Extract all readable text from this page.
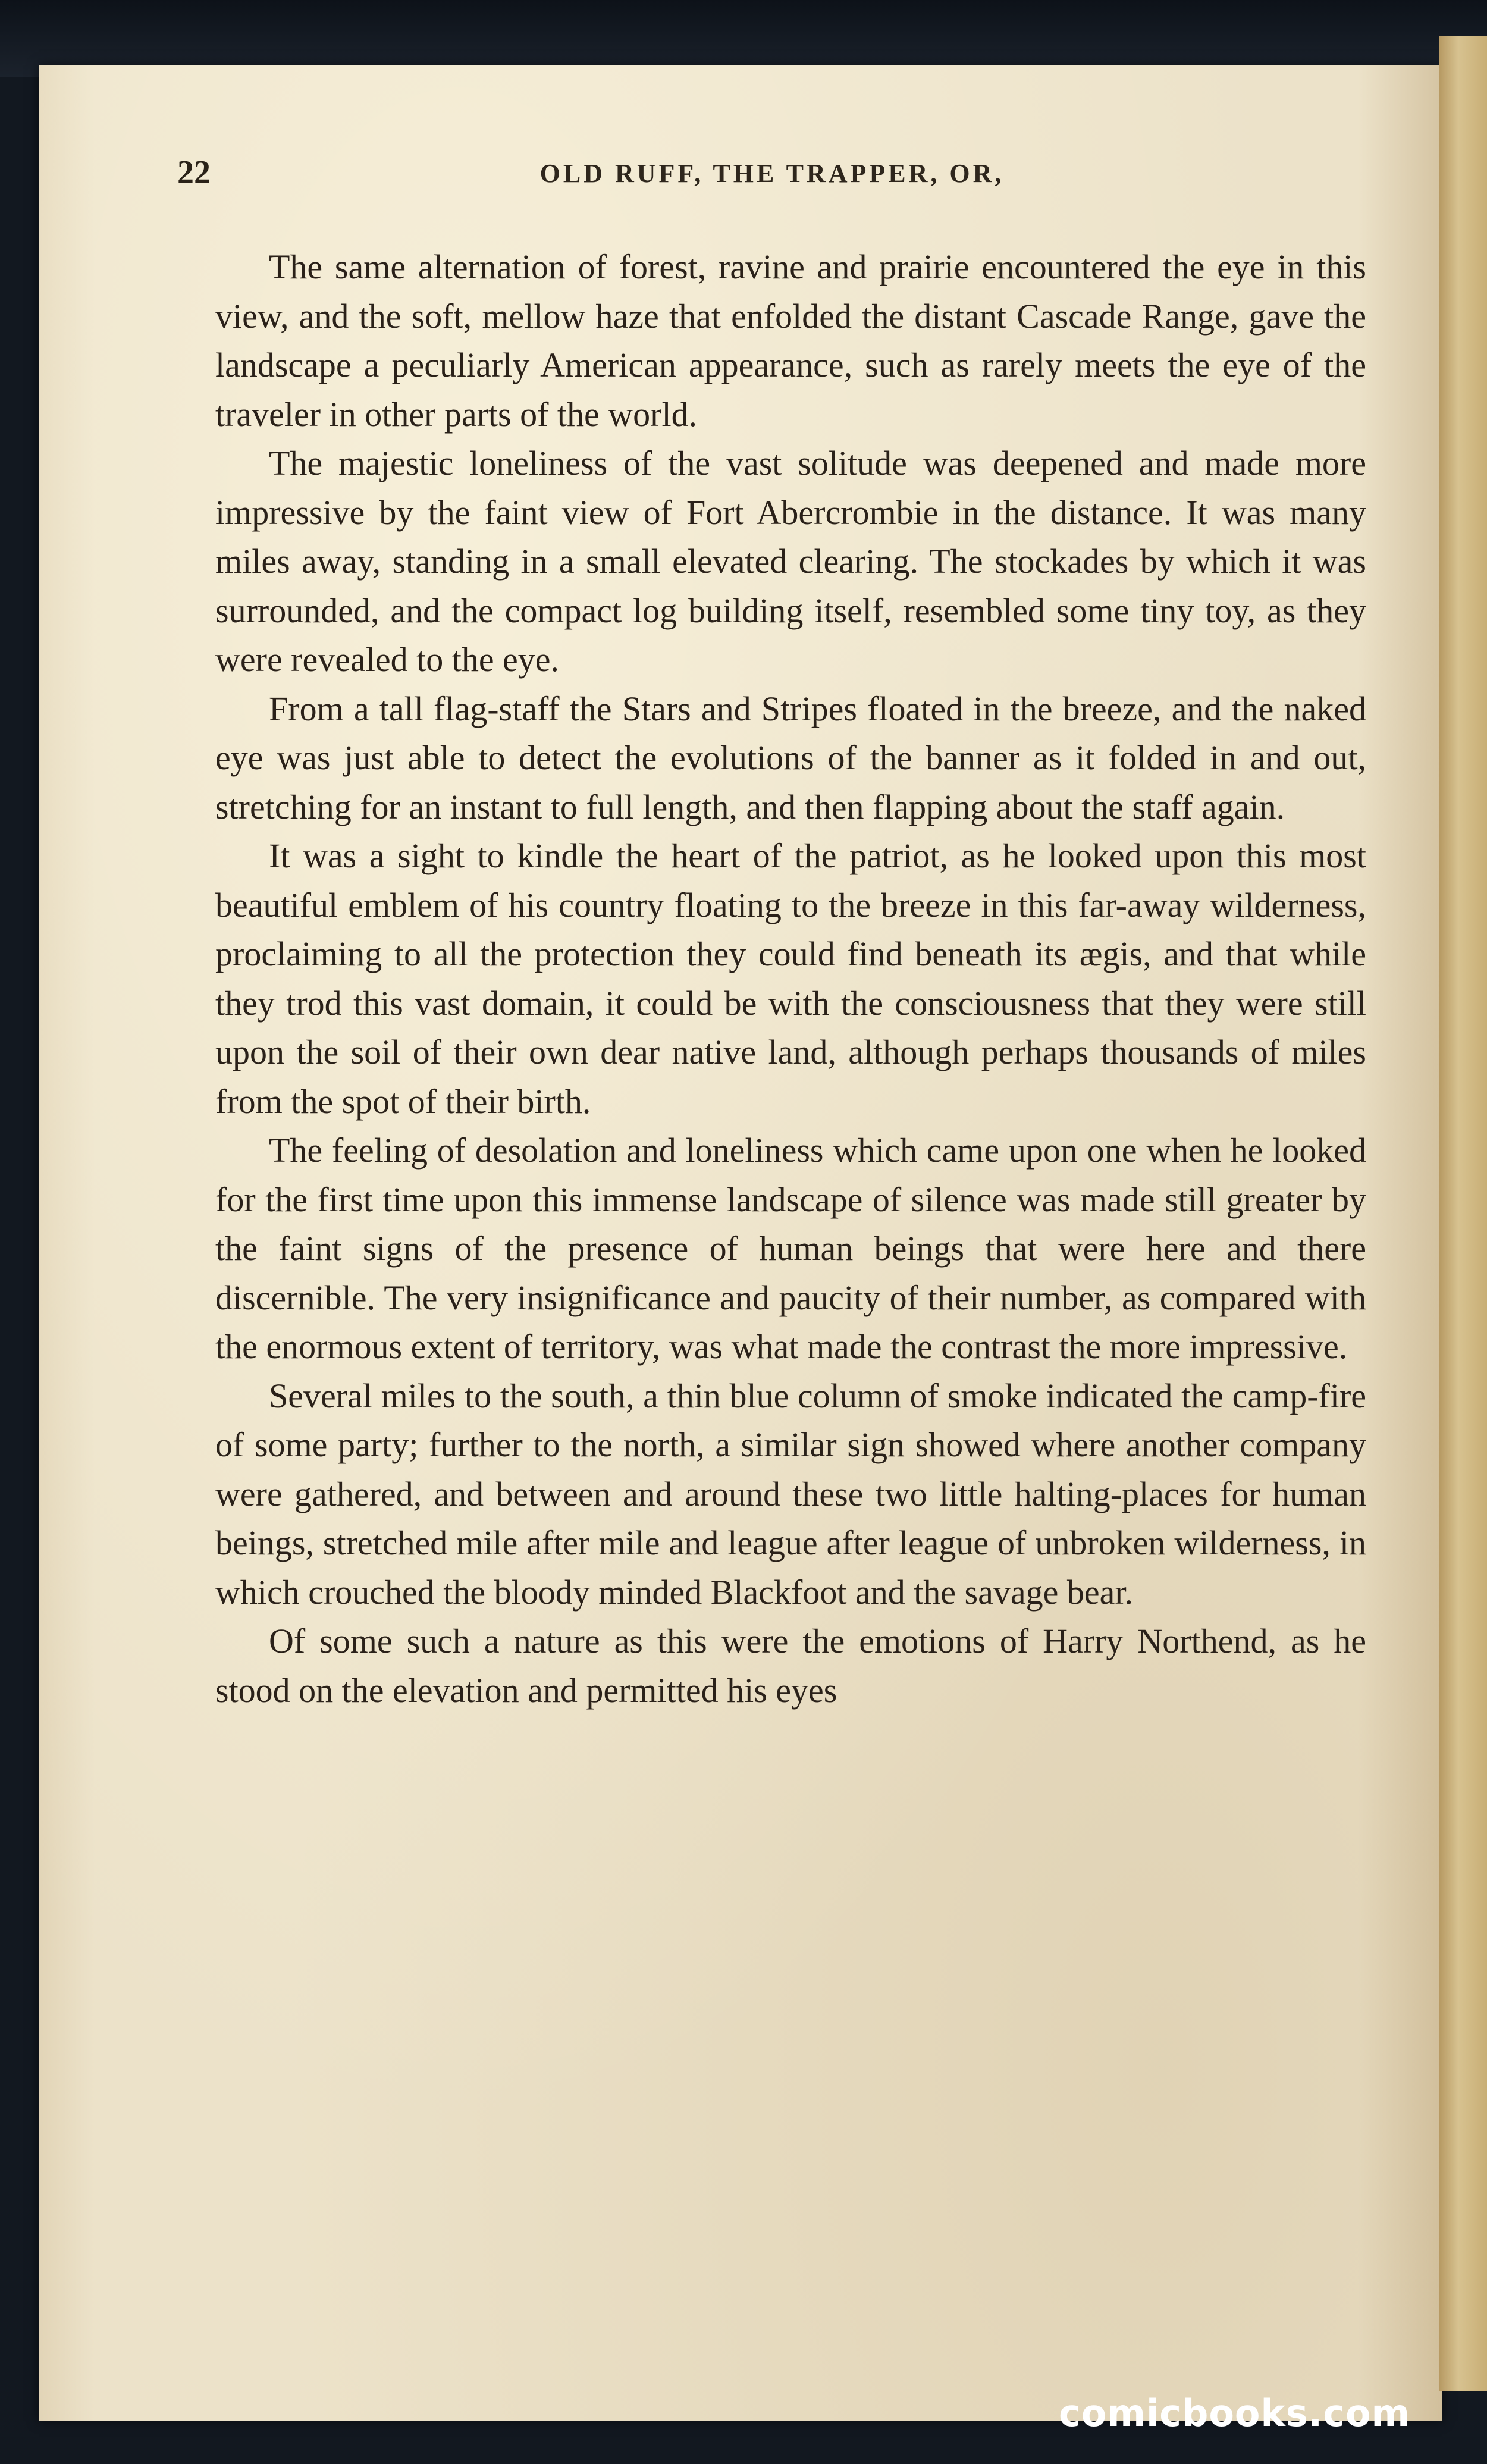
22	OLD RUFF, THE TRAPPER, OR,

The same alternation of forest, ravine and prairie encountered the eye in this view, and the soft, mellow haze that enfolded the distant Cascade Range, gave the landscape a peculiarly American appearance, such as rarely meets the eye of the traveler in other parts of the world.

The majestic loneliness of the vast solitude was deepened and made more impressive by the faint view of Fort Abercrombie in the distance. It was many miles away, standing in a small elevated clearing. The stockades by which it was surrounded, and the compact log building itself, resembled some tiny toy, as they were revealed to the eye.

From a tall flag-staff the Stars and Stripes floated in the breeze, and the naked eye was just able to detect the evolutions of the banner as it folded in and out, stretching for an instant to full length, and then flapping about the staff again.

It was a sight to kindle the heart of the patriot, as he looked upon this most beautiful emblem of his country floating to the breeze in this far-away wilderness, proclaiming to all the protection they could find beneath its ægis, and that while they trod this vast domain, it could be with the consciousness that they were still upon the soil of their own dear native land, although perhaps thousands of miles from the spot of their birth.

The feeling of desolation and loneliness which came upon one when he looked for the first time upon this immense landscape of silence was made still greater by the faint signs of the presence of human beings that were here and there discernible. The very insignificance and paucity of their number, as compared with the enormous extent of territory, was what made the contrast the more impressive.

Several miles to the south, a thin blue column of smoke indicated the camp-fire of some party; further to the north, a similar sign showed where another company were gathered, and between and around these two little halting-places for human beings, stretched mile after mile and league after league of unbroken wilderness, in which crouched the bloody minded Blackfoot and the savage bear.

Of some such a nature as this were the emotions of Harry Northend, as he stood on the elevation and permitted his eyes

comicbooks.com
